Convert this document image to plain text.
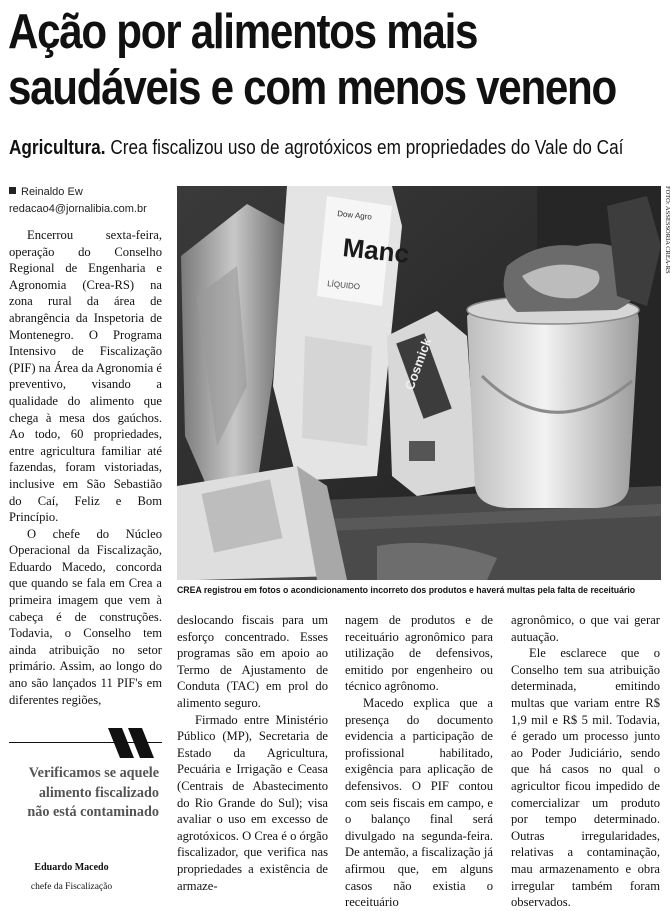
Ação por alimentos mais
saudáveis e com menos veneno
Agricultura. Crea fiscalizou uso de agrotóxicos em propriedades do Vale do Caí
Reinaldo Ew
redacao4@jornalibia.com.br

Encerrou sexta-feira, operação do Conselho Regional de Engenharia e Agronomia (Crea-RS) na zona rural da área de abrangência da Inspetoria de Montenegro. O Programa Intensivo de Fiscalização (PIF) na Área da Agronomia é preventivo, visando a qualidade do alimento que chega à mesa dos gaúchos. Ao todo, 60 propriedades, entre agricultura familiar até fazendas, foram vistoriadas, inclusive em São Sebastião do Caí, Feliz e Bom Princípio.

O chefe do Núcleo Operacional da Fiscalização, Eduardo Macedo, concorda que quando se fala em Crea a primeira imagem que vem à cabeça é de construções. Todavia, o Conselho tem ainda atribuição no setor primário. Assim, ao longo do ano são lançados 11 PIF's em diferentes regiões,

Manc
Dow Agro
LÍQUIDO
Cosmick
FOTO: ASSESSORIA CREA-RS
CREA registrou em fotos o acondicionamento incorreto dos produtos e haverá multas pela falta de receituário

deslocando fiscais para um esforço concentrado. Esses programas são em apoio ao Termo de Ajustamento de Conduta (TAC) em prol do alimento seguro.

Firmado entre Ministério Público (MP), Secretaria de Estado da Agricultura, Pecuária e Irrigação e Ceasa (Centrais de Abastecimento do Rio Grande do Sul); visa avaliar o uso em excesso de agrotóxicos. O Crea é o órgão fiscalizador, que verifica nas propriedades a existência de armaze-

nagem de produtos e de receituário agronômico para utilização de defensivos, emitido por engenheiro ou técnico agrônomo.

Macedo explica que a presença do documento evidencia a participação de profissional habilitado, exigência para aplicação de defensivos. O PIF contou com seis fiscais em campo, e o balanço final será divulgado na segunda-feira. De antemão, a fiscalização já afirmou que, em alguns casos não existia o receituário

agronômico, o que vai gerar autuação.

Ele esclarece que o Conselho tem sua atribuição determinada, emitindo multas que variam entre R$ 1,9 mil e R$ 5 mil. Todavia, é gerado um processo junto ao Poder Judiciário, sendo que há casos no qual o agricultor ficou impedido de comercializar um produto por tempo determinado. Outras irregularidades, relativas a contaminação, mau armazenamento e obra irregular também foram observados.

Verificamos se aquele alimento fiscalizado não está contaminado
Eduardo Macedo
chefe da Fiscalização
